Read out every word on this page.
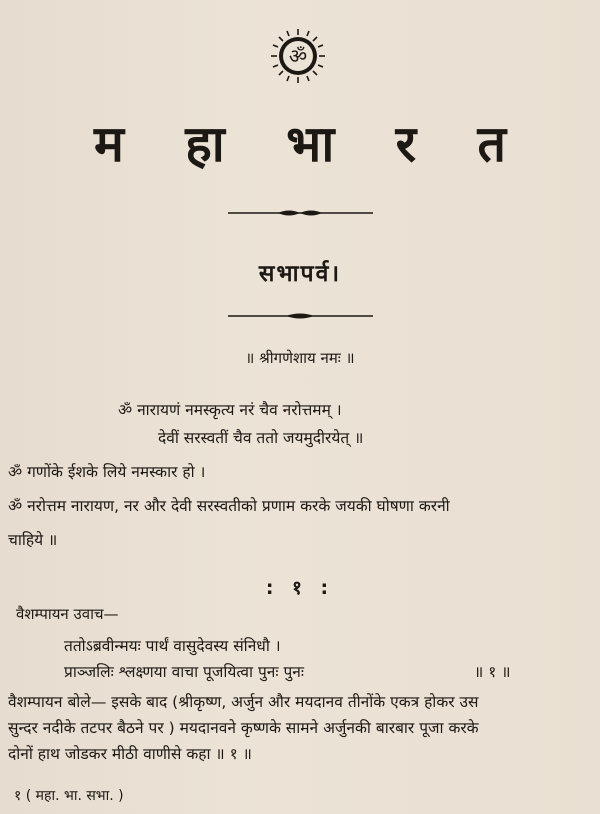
ॐ
म हा भा र त
सभापर्व।
॥ श्रीगणेशाय नमः ॥
ॐ नारायणं नमस्कृत्य नरं चैव नरोत्तमम् ।
देवीं सरस्वतीं चैव ततो जयमुदीरयेत् ॥
ॐ गणोंके ईशके लिये नमस्कार हो ।
ॐ नरोत्तम नारायण, नर और देवी सरस्वतीको प्रणाम करके जयकी घोषणा करनी
चाहिये ॥
: १ :
वैशम्पायन उवाच—
ततोऽब्रवीन्मयः पार्थं वासुदेवस्य संनिधौ ।
प्राञ्जलिः श्लक्ष्णया वाचा पूजयित्वा पुनः पुनः	॥ १ ॥
वैशम्पायन बोले— इसके बाद (श्रीकृष्ण, अर्जुन और मयदानव तीनोंके एकत्र होकर उस
सुन्दर नदीके तटपर बैठने पर ) मयदानवने कृष्णके सामने अर्जुनकी बारबार पूजा करके
दोनों हाथ जोडकर मीठी वाणीसे कहा ॥ १ ॥
१ ( महा. भा. सभा. )
